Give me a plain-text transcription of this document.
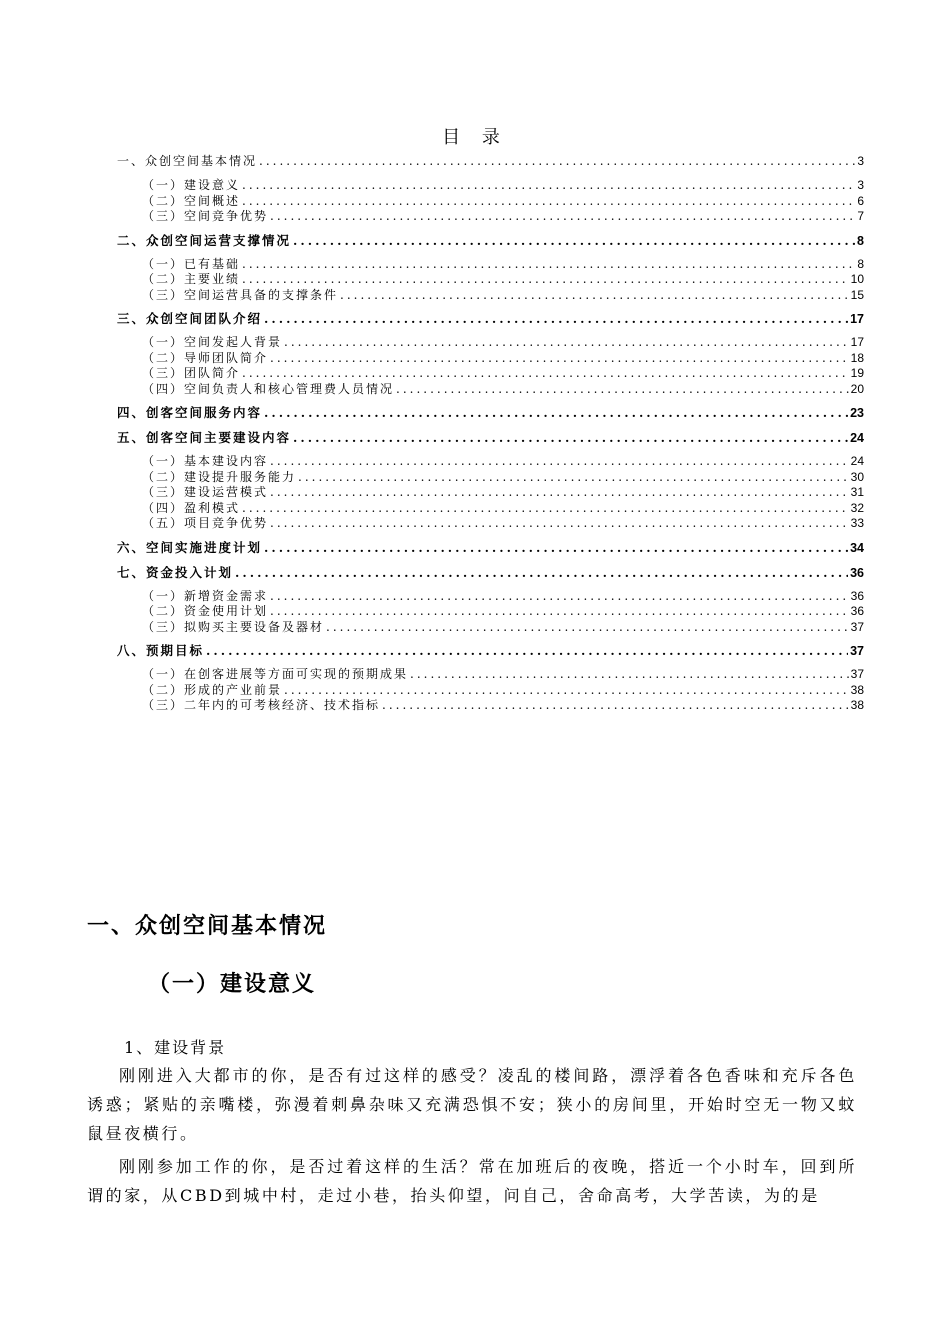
目 录
一、众创空间基本情况 .....	3
（一）建设意义 .....	3
（二）空间概述 .....	6
（三）空间竞争优势 .....	7
二、众创空间运营支撑情况 .....	8
（一）已有基础 .....	8
（二）主要业绩 .....	10
（三）空间运营具备的支撑条件 .....	15
三、众创空间团队介绍 .....	17
（一）空间发起人背景 .....	17
（二）导师团队简介 .....	18
（三）团队简介 .....	19
（四）空间负责人和核心管理费人员情况 .....	20
四、创客空间服务内容 .....	23
五、创客空间主要建设内容 .....	24
（一）基本建设内容 .....	24
（二）建设提升服务能力 .....	30
（三）建设运营模式 .....	31
（四）盈利模式 .....	32
（五）项目竞争优势 .....	33
六、空间实施进度计划 .....	34
七、资金投入计划 .....	36
（一）新增资金需求 .....	36
（二）资金使用计划 .....	36
（三）拟购买主要设备及器材 .....	37
八、预期目标 .....	37
（一）在创客进展等方面可实现的预期成果 .....	37
（二）形成的产业前景 .....	38
（三）二年内的可考核经济、技术指标 .....	38
一、众创空间基本情况
（一）建设意义
1、建设背景
刚刚进入大都市的你，是否有过这样的感受？凌乱的楼间路，漂浮着各色香味和充斥各色诱惑；紧贴的亲嘴楼，弥漫着刺鼻杂味又充满恐惧不安；狭小的房间里，开始时空无一物又蚊鼠昼夜横行。
刚刚参加工作的你，是否过着这样的生活？常在加班后的夜晚，搭近一个小时车，回到所谓的家，从CBD到城中村，走过小巷，抬头仰望，问自己，舍命高考，大学苦读，为的是
